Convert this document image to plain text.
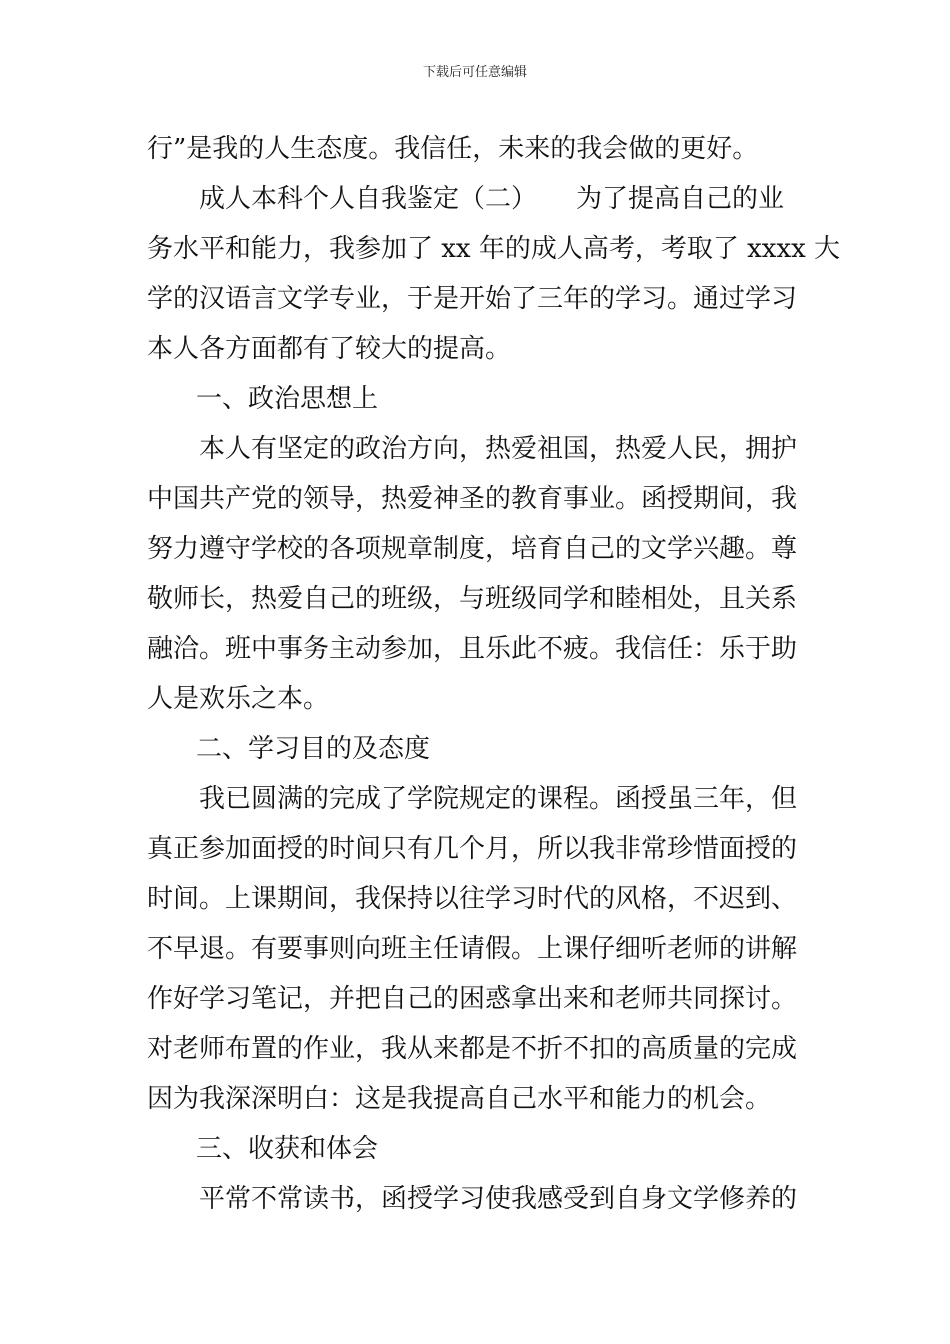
下载后可任意编辑
行”是我的人生态度。我信任，未来的我会做的更好。
成人本科个人自我鉴定（二）　　为了提高自己的业
务水平和能力，我参加了 xx 年的成人高考，考取了 xxxx 大
学的汉语言文学专业，于是开始了三年的学习。通过学习
本人各方面都有了较大的提高。
一、政治思想上
本人有坚定的政治方向，热爱祖国，热爱人民，拥护
中国共产党的领导，热爱神圣的教育事业。函授期间，我
努力遵守学校的各项规章制度，培育自己的文学兴趣。尊
敬师长，热爱自己的班级，与班级同学和睦相处，且关系
融洽。班中事务主动参加，且乐此不疲。我信任：乐于助
人是欢乐之本。
二、学习目的及态度
我已圆满的完成了学院规定的课程。函授虽三年，但
真正参加面授的时间只有几个月，所以我非常珍惜面授的
时间。上课期间，我保持以往学习时代的风格，不迟到、
不早退。有要事则向班主任请假。上课仔细听老师的讲解
作好学习笔记，并把自己的困惑拿出来和老师共同探讨。
对老师布置的作业，我从来都是不折不扣的高质量的完成
因为我深深明白：这是我提高自己水平和能力的机会。
三、收获和体会
平常不常读书，函授学习使我感受到自身文学修养的
